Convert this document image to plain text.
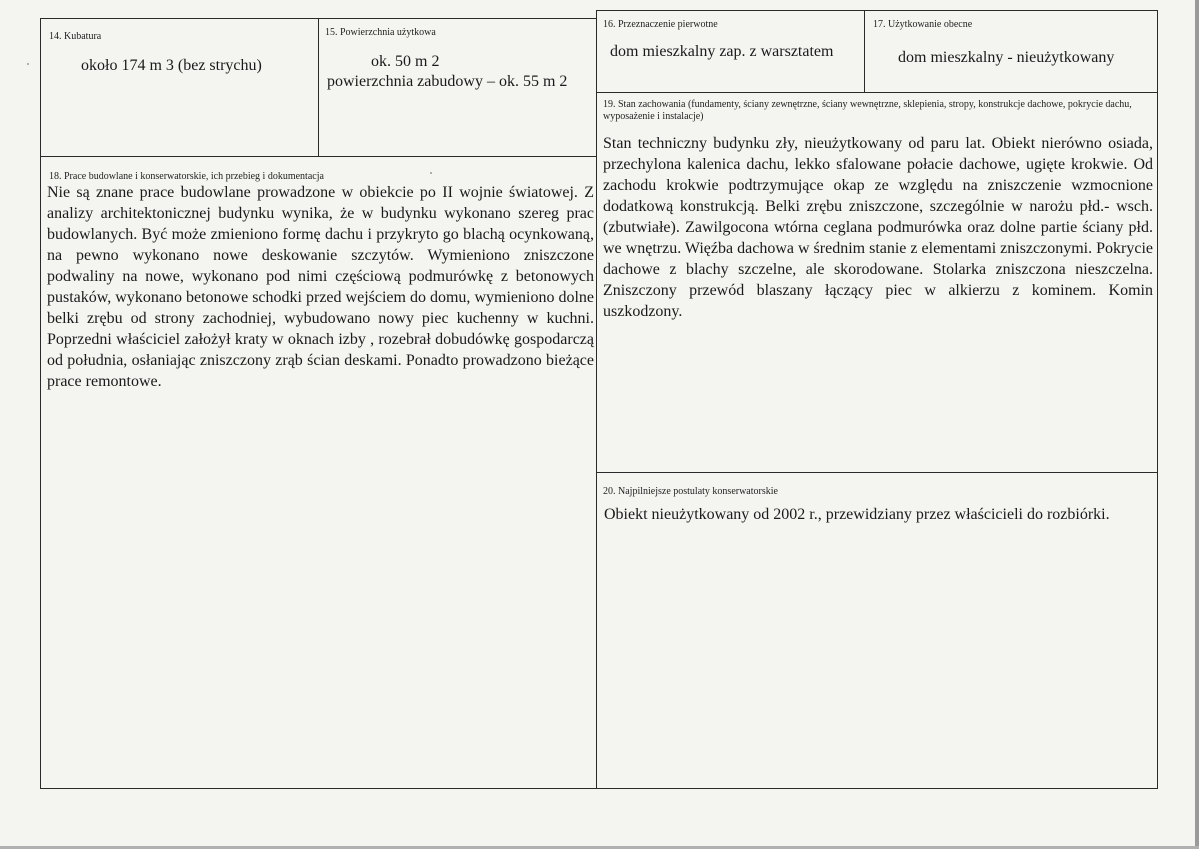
14. Kubatura
około 174 m 3 (bez strychu)
15. Powierzchnia użytkowa
ok. 50 m 2
powierzchnia zabudowy – ok. 55 m 2
16. Przeznaczenie pierwotne
dom mieszkalny zap. z warsztatem
17. Użytkowanie obecne
dom mieszkalny - nieużytkowany
18. Prace budowlane i konserwatorskie, ich przebieg i dokumentacja
Nie są znane prace budowlane prowadzone w obiekcie po II wojnie światowej. Z analizy architektonicznej budynku wynika, że w budynku wykonano szereg prac budowlanych. Być może zmieniono formę dachu i przykryto go blachą ocynkowaną, na pewno wykonano nowe deskowanie szczytów. Wymieniono zniszczone podwaliny na nowe, wykonano pod nimi częściową podmurówkę z betonowych pustaków, wykonano betonowe schodki przed wejściem do domu, wymieniono dolne belki zrębu od strony zachodniej, wybudowano nowy piec kuchenny w kuchni. Poprzedni właściciel założył kraty w oknach izby , rozebrał dobudówkę gospodarczą od południa, osłaniając zniszczony zrąb ścian deskami. Ponadto prowadzono bieżące prace remontowe.
19. Stan zachowania (fundamenty, ściany zewnętrzne, ściany wewnętrzne, sklepienia, stropy, konstrukcje dachowe, pokrycie dachu, wyposażenie i instalacje)
Stan techniczny budynku zły, nieużytkowany od paru lat. Obiekt nierówno osiada, przechylona kalenica dachu, lekko sfalowane połacie dachowe, ugięte krokwie. Od zachodu krokwie podtrzymujące okap ze względu na zniszczenie wzmocnione dodatkową konstrukcją. Belki zrębu zniszczone, szczególnie w narożu płd.- wsch. (zbutwiałe). Zawilgocona wtórna ceglana podmurówka oraz dolne partie ściany płd. we wnętrzu. Więźba dachowa w średnim stanie z elementami zniszczonymi. Pokrycie dachowe z blachy szczelne, ale skorodowane. Stolarka zniszczona nieszczelna. Zniszczony przewód blaszany łączący piec w alkierzu z kominem. Komin uszkodzony.
20. Najpilniejsze postulaty konserwatorskie
Obiekt nieużytkowany od 2002 r., przewidziany przez właścicieli do rozbiórki.
